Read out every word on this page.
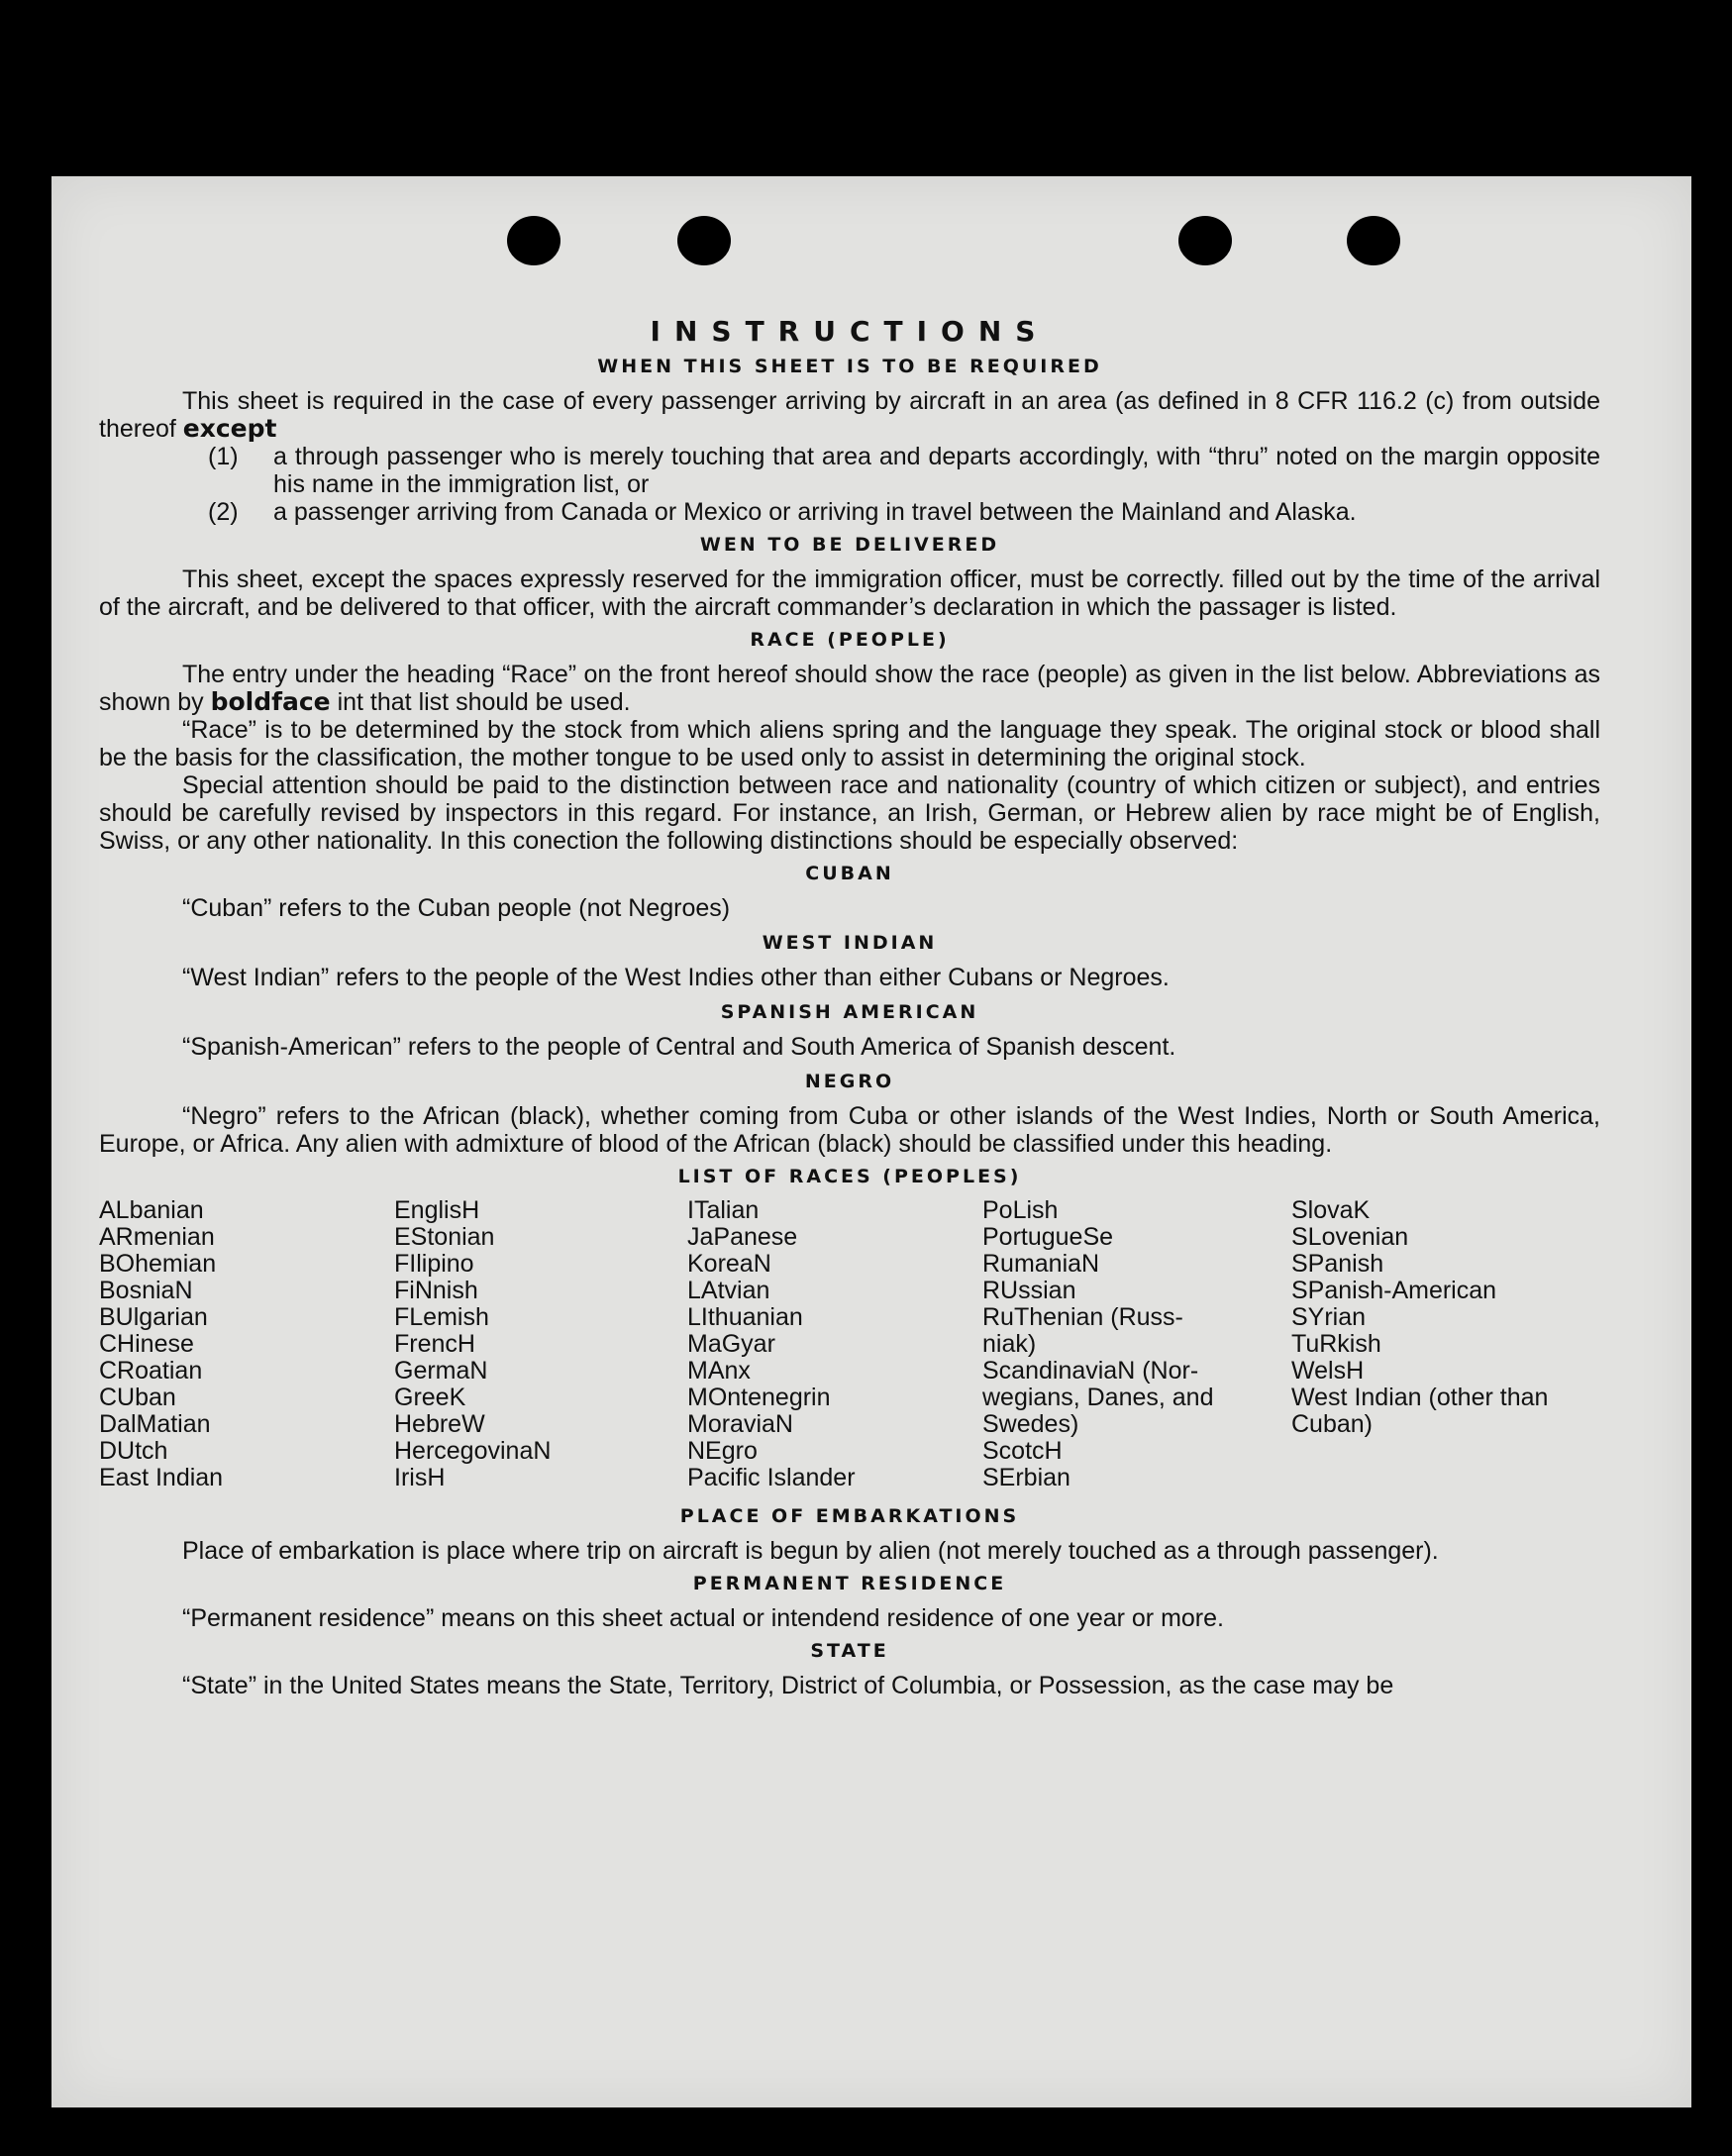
INSTRUCTIONS
WHEN THIS SHEET IS TO BE REQUIRED

This sheet is required in the case of every passenger arriving by aircraft in an area (as defined in 8 CFR 116.2 (c) from outside thereof except

(1)	a through passenger who is merely touching that area and departs accordingly, with “thru” noted on the margin opposite his name in the immigration list, or
(2)	a passenger arriving from Canada or Mexico or arriving in travel between the Mainland and Alaska.
WEN TO BE DELIVERED

This sheet, except the spaces expressly reserved for the immigration officer, must be correctly. filled out by the time of the arrival of the aircraft, and be delivered to that officer, with the aircraft commander’s declaration in which the passager is listed.

RACE (PEOPLE)

The entry under the heading “Race” on the front hereof should show the race (people) as given in the list below. Abbreviations as shown by boldface int that list should be used.

“Race” is to be determined by the stock from which aliens spring and the language they speak. The original stock or blood shall be the basis for the classification, the mother tongue to be used only to assist in determining the original stock.

Special attention should be paid to the distinction between race and nationality (country of which citizen or subject), and entries should be carefully revised by inspectors in this regard. For instance, an Irish, German, or Hebrew alien by race might be of English, Swiss, or any other nationality. In this conection the following distinctions should be especially observed:

CUBAN

“Cuban” refers to the Cuban people (not Negroes)

WEST INDIAN

“West Indian” refers to the people of the West Indies other than either Cubans or Negroes.

SPANISH AMERICAN

“Spanish-American” refers to the people of Central and South America of Spanish descent.

NEGRO

“Negro” refers to the African (black), whether coming from Cuba or other islands of the West Indies, North or South America, Europe, or Africa. Any alien with admixture of blood of the African (black) should be classified under this heading.

LIST OF RACES (PEOPLES)
ALbanian
ARmenian
BOhemian
BosniaN
BUlgarian
CHinese
CRoatian
CUban
DalMatian
DUtch
East Indian
EnglisH
EStonian
FIlipino
FiNnish
FLemish
FrencH
GermaN
GreeK
HebreW
HercegovinaN
IrisH
ITalian
JaPanese
KoreaN
LAtvian
LIthuanian
MaGyar
MAnx
MOntenegrin
MoraviaN
NEgro
Pacific Islander
PoLish
PortugueSe
RumaniaN
RUssian
RuThenian (Russ-niak)
ScandinaviaN (Nor-wegians, Danes, and Swedes)
ScotcH
SErbian
SlovaK
SLovenian
SPanish
SPanish-American
SYrian
TuRkish
WelsH
West Indian (other than Cuban)
PLACE OF EMBARKATIONS

Place of embarkation is place where trip on aircraft is begun by alien (not merely touched as a through passenger).

PERMANENT RESIDENCE

“Permanent residence” means on this sheet actual or intendend residence of one year or more.

STATE

“State” in the United States means the State, Territory, District of Columbia, or Possession, as the case may be
